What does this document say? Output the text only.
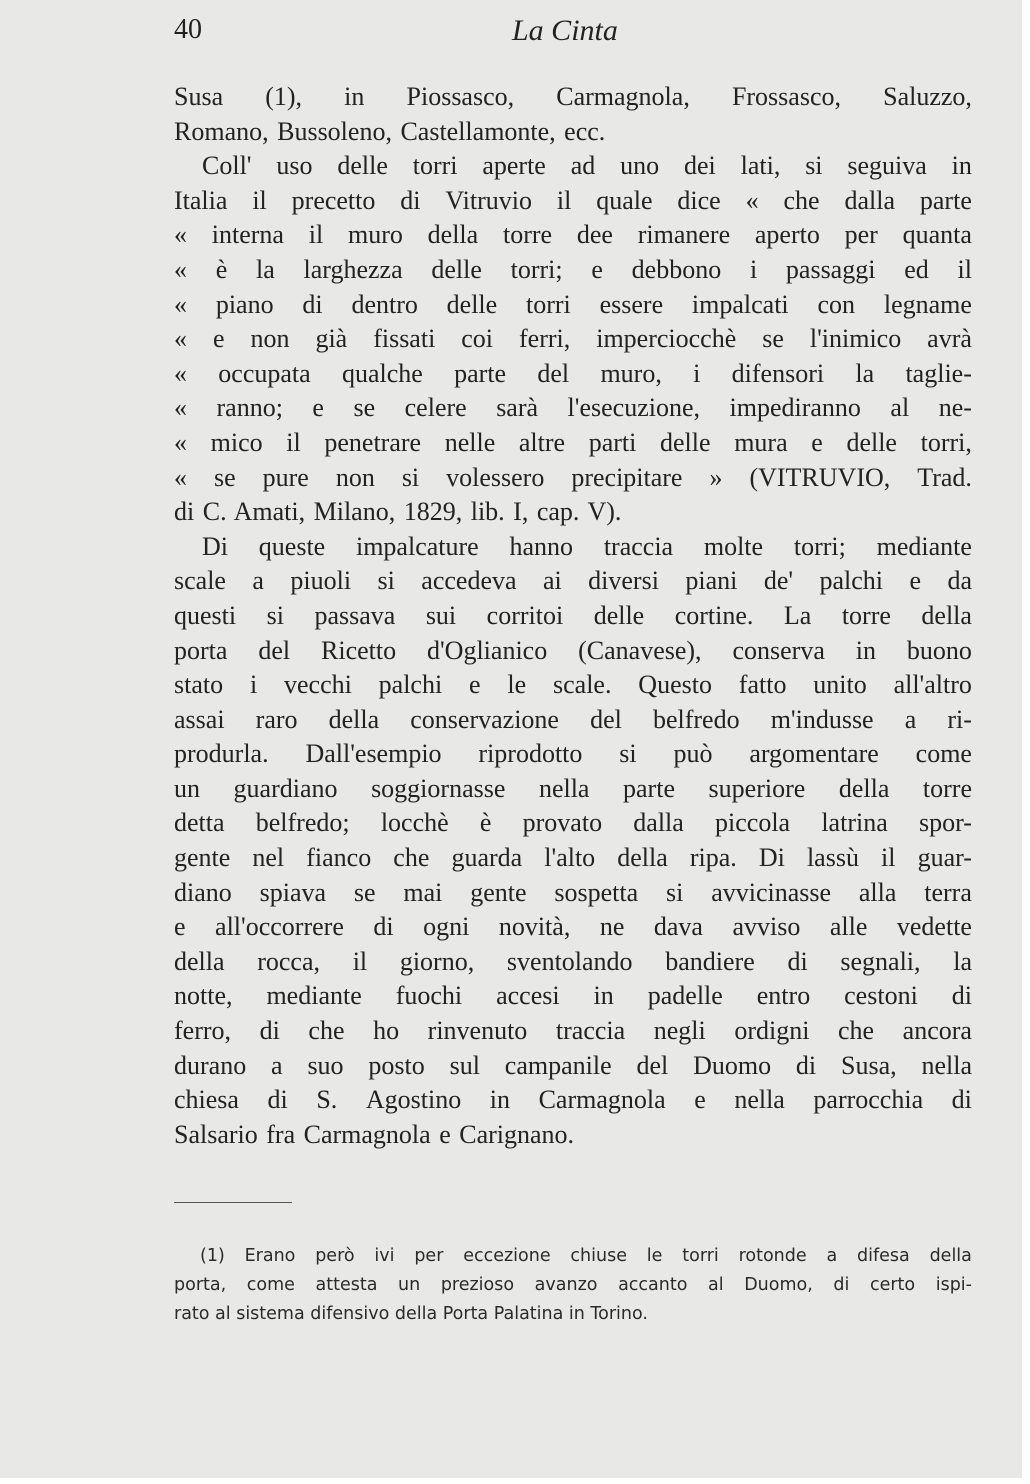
40	La Cinta
Susa (1), in Piossasco, Carmagnola, Frossasco, Saluzzo,
Romano, Bussoleno, Castellamonte, ecc.
Coll' uso delle torri aperte ad uno dei lati, si seguiva in
Italia il precetto di Vitruvio il quale dice « che dalla parte
« interna il muro della torre dee rimanere aperto per quanta
« è la larghezza delle torri; e debbono i passaggi ed il
« piano di dentro delle torri essere impalcati con legname
« e non già fissati coi ferri, imperciocchè se l'inimico avrà
« occupata qualche parte del muro, i difensori la taglie-
« ranno; e se celere sarà l'esecuzione, impediranno al ne-
« mico il penetrare nelle altre parti delle mura e delle torri,
« se pure non si volessero precipitare » (VITRUVIO, Trad.
di C. Amati, Milano, 1829, lib. I, cap. V).
Di queste impalcature hanno traccia molte torri; mediante
scale a piuoli si accedeva ai diversi piani de' palchi e da
questi si passava sui corritoi delle cortine. La torre della
porta del Ricetto d'Oglianico (Canavese), conserva in buono
stato i vecchi palchi e le scale. Questo fatto unito all'altro
assai raro della conservazione del belfredo m'indusse a ri-
produrla. Dall'esempio riprodotto si può argomentare come
un guardiano soggiornasse nella parte superiore della torre
detta belfredo; locchè è provato dalla piccola latrina spor-
gente nel fianco che guarda l'alto della ripa. Di lassù il guar-
diano spiava se mai gente sospetta si avvicinasse alla terra
e all'occorrere di ogni novità, ne dava avviso alle vedette
della rocca, il giorno, sventolando bandiere di segnali, la
notte, mediante fuochi accesi in padelle entro cestoni di
ferro, di che ho rinvenuto traccia negli ordigni che ancora
durano a suo posto sul campanile del Duomo di Susa, nella
chiesa di S. Agostino in Carmagnola e nella parrocchia di
Salsario fra Carmagnola e Carignano.
(1) Erano però ivi per eccezione chiuse le torri rotonde a difesa della
porta, come attesta un prezioso avanzo accanto al Duomo, di certo ispi-
rato al sistema difensivo della Porta Palatina in Torino.
